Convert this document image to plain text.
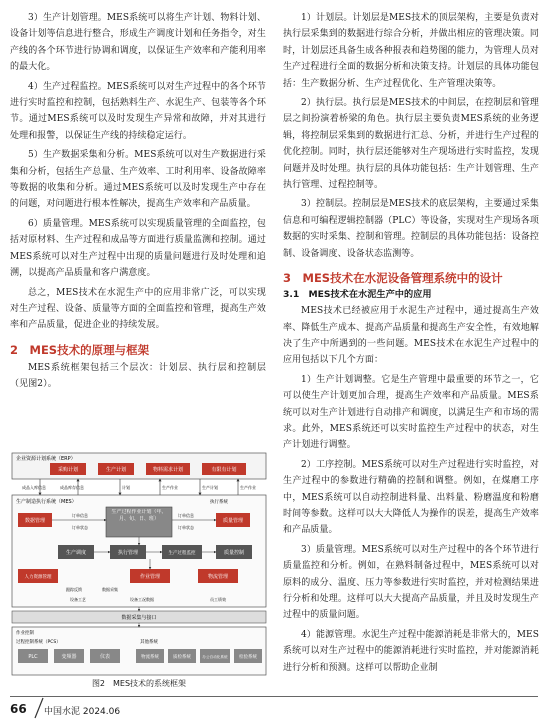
3）生产计划管理。MES系统可以将生产计划、物料计划、设备计划等信息进行整合，形成生产调度计划和任务指令，对生产线的各个环节进行协调和调度，以保证生产效率和产能利用率的最大化。

4）生产过程监控。MES系统可以对生产过程中的各个环节进行实时监控和控制，包括熟料生产、水泥生产、包装等各个环节。通过MES系统可以及时发现生产异常和故障，并对其进行处理和报警，以保证生产线的持续稳定运行。

5）生产数据采集和分析。MES系统可以对生产数据进行采集和分析，包括生产总量、生产效率、工时利用率、设备故障率等数据的收集和分析。通过MES系统可以及时发现生产中存在的问题，对问题进行根本性解决，提高生产效率和产品质量。

6）质量管理。MES系统可以实现质量管理的全面监控，包括对原材料、生产过程和成品等方面进行质量监测和控制。通过MES系统可以对生产过程中出现的质量问题进行及时处理和追溯，以提高产品质量和客户满意度。

总之，MES技术在水泥生产中的应用非常广泛，可以实现对生产过程、设备、质量等方面的全面监控和管理，提高生产效率和产品质量，促进企业的持续发展。

2　MES技术的原理与框架

MES系统框架包括三个层次：计划层、执行层和控制层（见图2）。

企业资源计划系统（ERP）
采购计划	生产计划	物料需求计划	有限有计划
成品入库信息	成品库存信息	计划	生产作业	生产计划	生产作业
生产制造执行系统（MES）	执行系统
生产过程作业计划（年、月、旬、日、班）
数据管理	质量管理
订单信息
订单状态
订单信息
订单状态
生产调度	执行管理	生产过程监控	质量控制
人力资源管理	作业管理	物流管理
跟踪反馈	数据采集
设备工艺	设备工况数据	员工绩效
数据采集与接口
作业控制
过程控制系统（PCS）	其他系统
PLC	变频器	仪表	物流系统	质检系统	办公自动化系统	检验系统
图2　MES技术的系统框架

1）计划层。计划层是MES技术的顶层架构，主要是负责对执行层采集到的数据进行综合分析，并做出相应的管理决策。同时，计划层还具备生成各种报表和趋势图的能力，为管理人员对生产过程进行全面的数据分析和决策支持。计划层的具体功能包括：生产数据分析、生产过程优化、生产管理决策等。

2）执行层。执行层是MES技术的中间层，在控制层和管理层之间扮演着桥梁的角色。执行层主要负责MES系统的业务逻辑，将控制层采集到的数据进行汇总、分析，并进行生产过程的优化控制。同时，执行层还能够对生产现场进行实时监控，发现问题并及时处理。执行层的具体功能包括：生产计划管理、生产执行管理、过程控制等。

3）控制层。控制层是MES技术的底层架构，主要通过采集信息和可编程逻辑控制器（PLC）等设备，实现对生产现场各项数据的实时采集、控制和管理。控制层的具体功能包括：设备控制、设备调度、设备状态监测等。

3　MES技术在水泥设备管理系统中的设计
3.1　MES技术在水泥生产中的应用

MES技术已经被应用于水泥生产过程中，通过提高生产效率、降低生产成本、提高产品质量和提高生产安全性，有效地解决了生产中所遇到的一些问题。MES技术在水泥生产过程中的应用包括以下几个方面：

1）生产计划调整。它是生产管理中最重要的环节之一，它可以使生产计划更加合理，提高生产效率和产品质量。MES系统可以对生产计划进行自动排产和调度，以满足生产和市场的需求。此外，MES系统还可以实时监控生产过程中的状态，对生产计划进行调整。

2）工序控制。MES系统可以对生产过程进行实时监控，对生产过程中的参数进行精确的控制和调整。例如，在煤磨工序中，MES系统可以自动控制进料量、出料量、粉磨温度和粉磨时间等参数。这样可以大大降低人为操作的误差，提高生产效率和产品质量。

3）质量管理。MES系统可以对生产过程中的各个环节进行质量监控和分析。例如，在熟料制备过程中，MES系统可以对原料的成分、温度、压力等参数进行实时监控，并对检测结果进行分析和处理。这样可以大大提高产品质量，并且及时发现生产过程中的质量问题。

4）能源管理。水泥生产过程中能源消耗是非常大的，MES系统可以对生产过程中的能源消耗进行实时监控，并对能源消耗进行分析和预测。这样可以帮助企业制

66 中国水泥 2024.06
